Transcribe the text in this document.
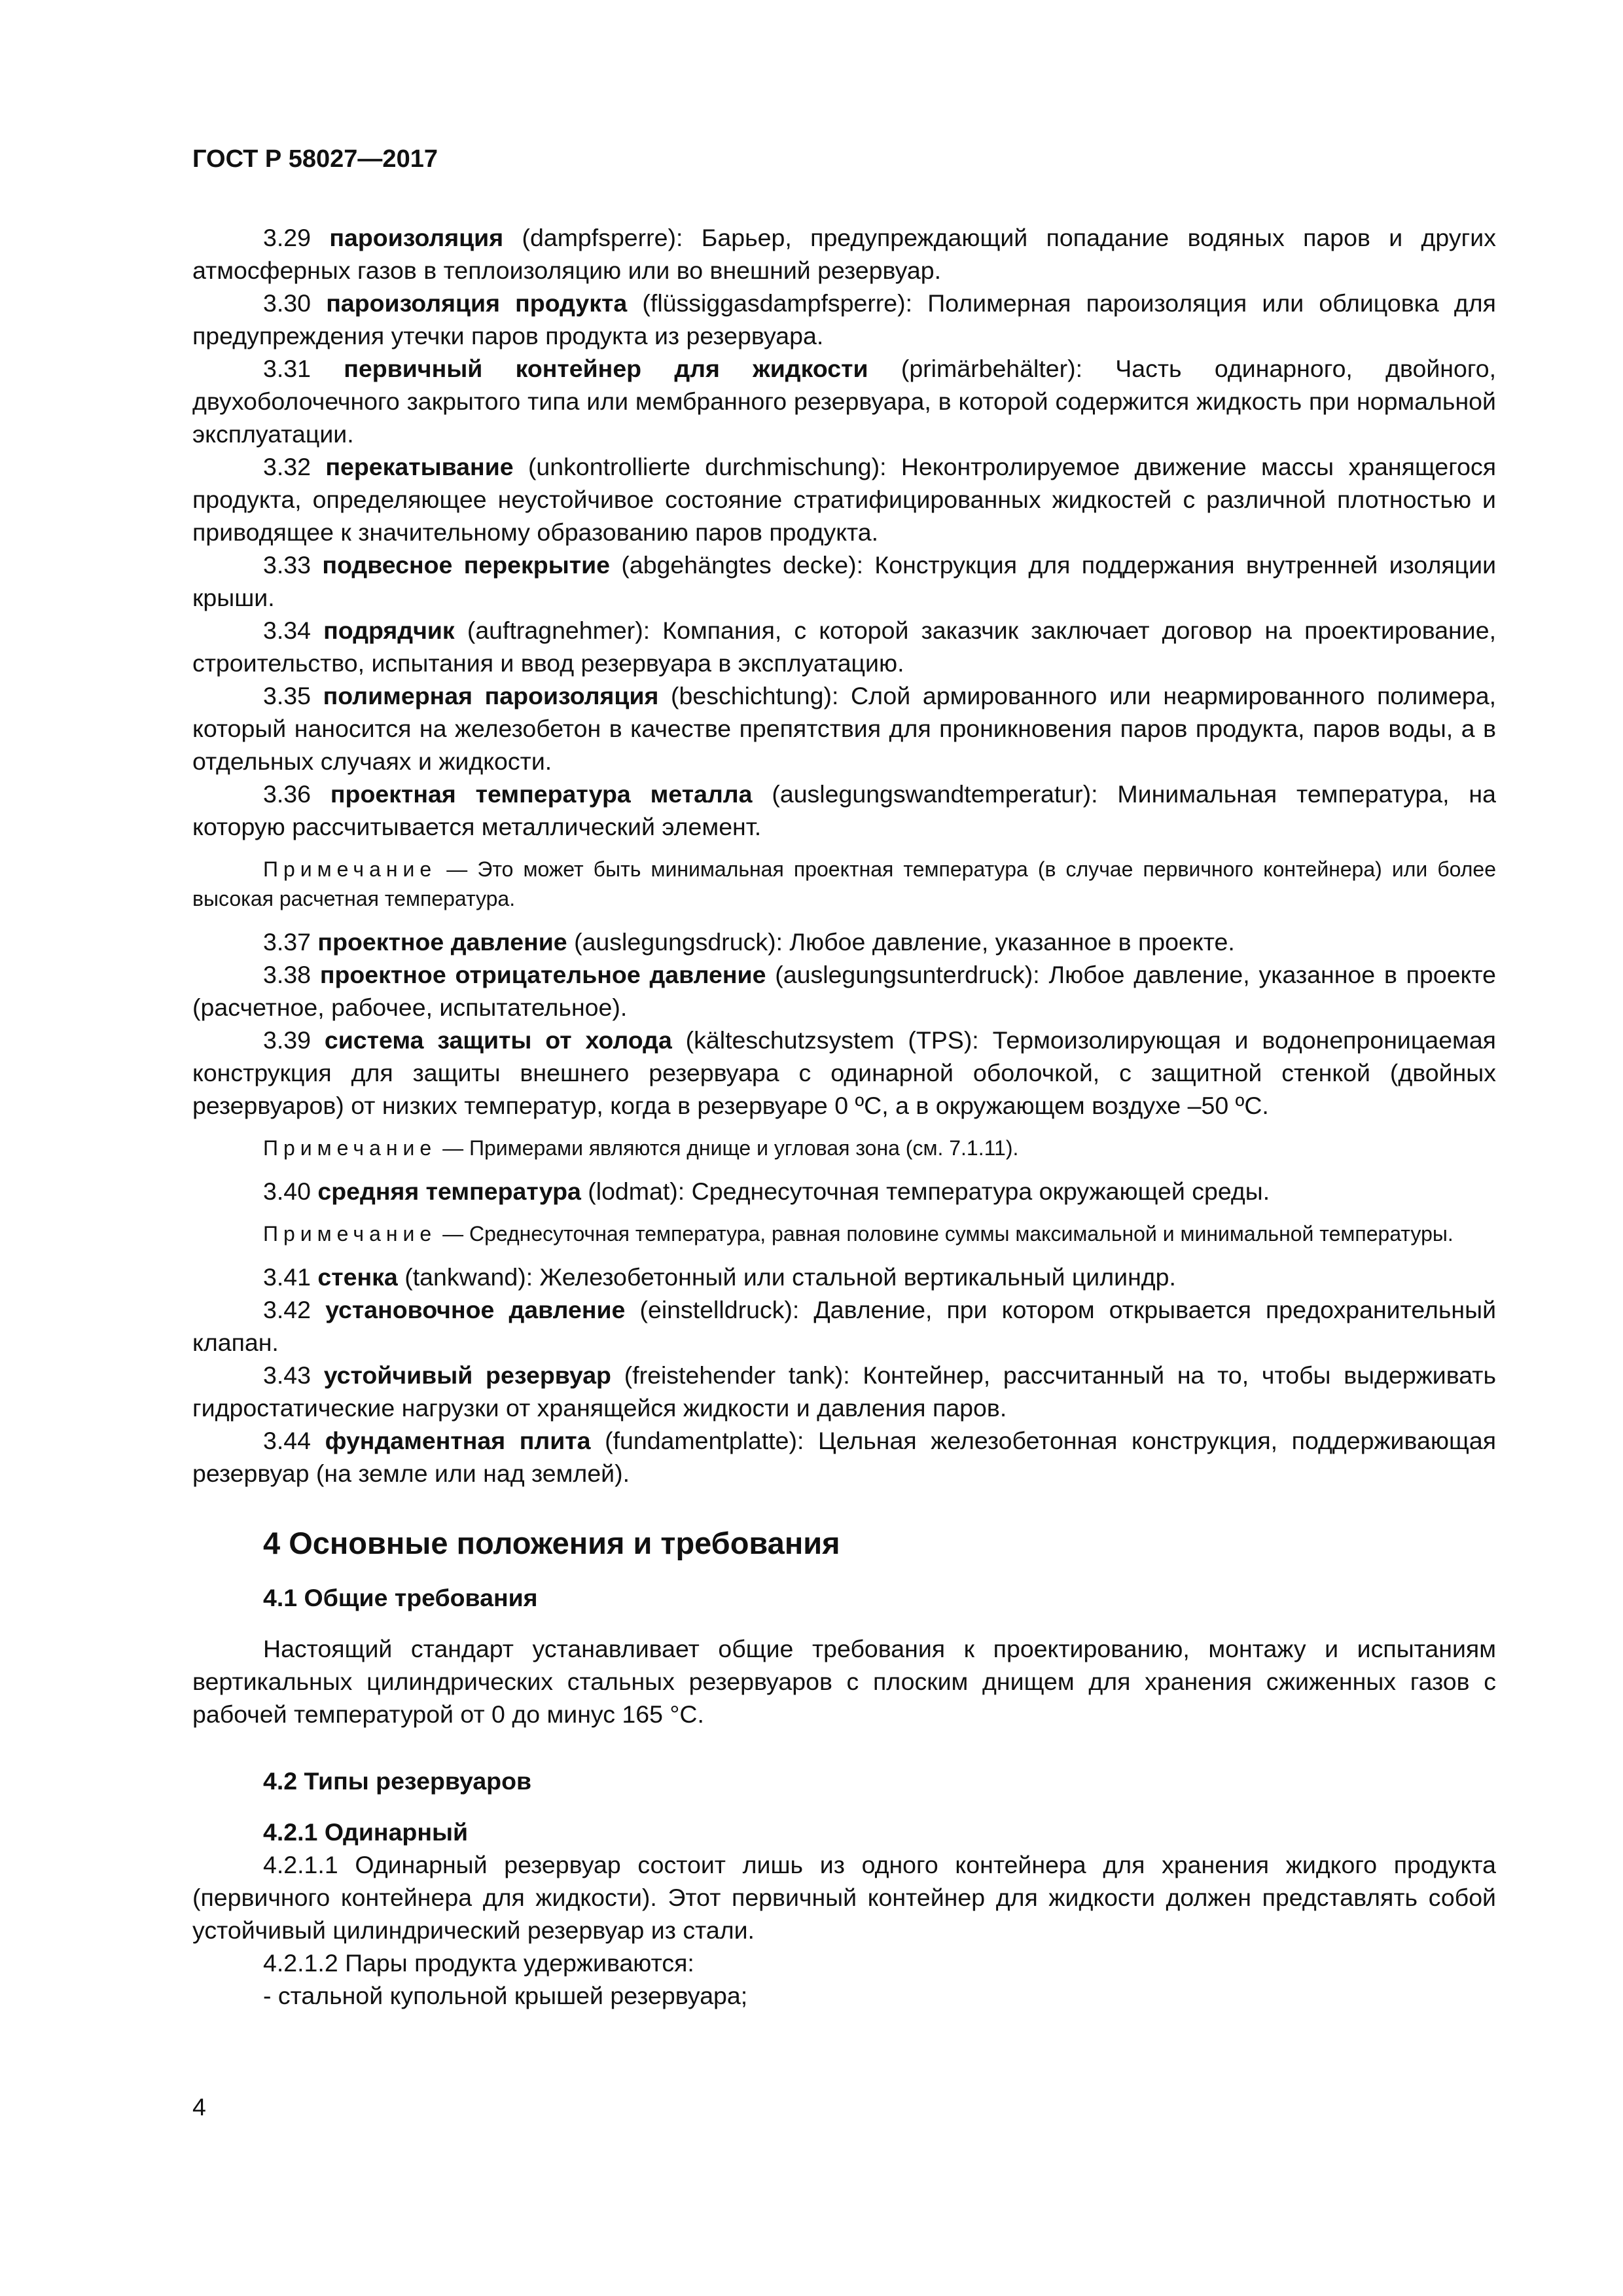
ГОСТ Р 58027—2017

3.29 пароизоляция (dampfsperre): Барьер, предупреждающий попадание водяных паров и других атмосферных газов в теплоизоляцию или во внешний резервуар.

3.30 пароизоляция продукта (flüssiggasdampfsperre): Полимерная пароизоляция или облицовка для предупреждения утечки паров продукта из резервуара.

3.31 первичный контейнер для жидкости (primärbehälter): Часть одинарного, двойного, двухоболочечного закрытого типа или мембранного резервуара, в которой содержится жидкость при нормальной эксплуатации.

3.32 перекатывание (unkontrollierte durchmischung): Неконтролируемое движение массы хранящегося продукта, определяющее неустойчивое состояние стратифицированных жидкостей с различной плотностью и приводящее к значительному образованию паров продукта.

3.33 подвесное перекрытие (abgehängtes decke): Конструкция для поддержания внутренней изоляции крыши.

3.34 подрядчик (auftragnehmer): Компания, с которой заказчик заключает договор на проектирование, строительство, испытания и ввод резервуара в эксплуатацию.

3.35 полимерная пароизоляция (beschichtung): Слой армированного или неармированного полимера, который наносится на железобетон в качестве препятствия для проникновения паров продукта, паров воды, а в отдельных случаях и жидкости.

3.36 проектная температура металла (auslegungswandtemperatur): Минимальная температура, на которую рассчитывается металлический элемент.

Примечание — Это может быть минимальная проектная температура (в случае первичного контейнера) или более высокая расчетная температура.

3.37 проектное давление (auslegungsdruck): Любое давление, указанное в проекте.

3.38 проектное отрицательное давление (auslegungsunterdruck): Любое давление, указанное в проекте (расчетное, рабочее, испытательное).

3.39 система защиты от холода (kälteschutzsystem (TPS): Термоизолирующая и водонепроницаемая конструкция для защиты внешнего резервуара с одинарной оболочкой, с защитной стенкой (двойных резервуаров) от низких температур, когда в резервуаре 0 ºС, а в окружающем воздухе –50 ºС.

Примечание — Примерами являются днище и угловая зона (см. 7.1.11).

3.40 средняя температура (lodmat): Среднесуточная температура окружающей среды.

Примечание — Среднесуточная температура, равная половине суммы максимальной и минимальной температуры.

3.41 стенка (tankwand): Железобетонный или стальной вертикальный цилиндр.

3.42 установочное давление (einstelldruck): Давление, при котором открывается предохранительный клапан.

3.43 устойчивый резервуар (freistehender tank): Контейнер, рассчитанный на то, чтобы выдерживать гидростатические нагрузки от хранящейся жидкости и давления паров.

3.44 фундаментная плита (fundamentplatte): Цельная железобетонная конструкция, поддерживающая резервуар (на земле или над землей).

4 Основные положения и требования
4.1 Общие требования

Настоящий стандарт устанавливает общие требования к проектированию, монтажу и испытаниям вертикальных цилиндрических стальных резервуаров с плоским днищем для хранения сжиженных газов с рабочей температурой от 0 до минус 165 °С.

4.2 Типы резервуаров
4.2.1 Одинарный

4.2.1.1 Одинарный резервуар состоит лишь из одного контейнера для хранения жидкого продукта (первичного контейнера для жидкости). Этот первичный контейнер для жидкости должен представлять собой устойчивый цилиндрический резервуар из стали.

4.2.1.2 Пары продукта удерживаются:

- стальной купольной крышей резервуара;

4
